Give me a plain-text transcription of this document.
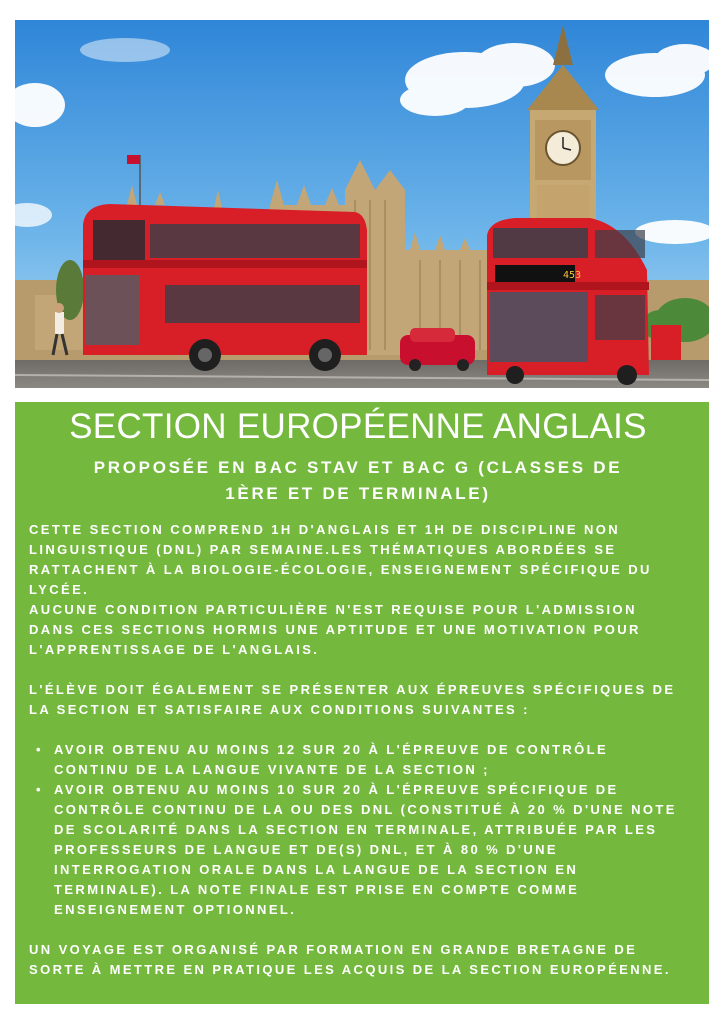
453
SECTION EUROPÉENNE ANGLAIS
PROPOSÉE EN BAC STAV ET BAC G (CLASSES DE 1ÈRE ET DE TERMINALE)

CETTE SECTION COMPREND 1H D'ANGLAIS ET 1H DE DISCIPLINE NON LINGUISTIQUE (DNL) PAR SEMAINE.LES THÉMATIQUES ABORDÉES SE RATTACHENT À LA BIOLOGIE-ÉCOLOGIE, ENSEIGNEMENT SPÉCIFIQUE DU LYCÉE.

AUCUNE CONDITION PARTICULIÈRE N'EST REQUISE POUR L'ADMISSION DANS CES SECTIONS HORMIS UNE APTITUDE ET UNE MOTIVATION POUR L'APPRENTISSAGE DE L'ANGLAIS.

L'ÉLÈVE DOIT ÉGALEMENT SE PRÉSENTER AUX ÉPREUVES SPÉCIFIQUES DE LA SECTION ET SATISFAIRE AUX CONDITIONS SUIVANTES :

• AVOIR OBTENU AU MOINS 12 SUR 20 À L'ÉPREUVE DE CONTRÔLE CONTINU DE LA LANGUE VIVANTE DE LA SECTION ;
• AVOIR OBTENU AU MOINS 10 SUR 20 À L'ÉPREUVE SPÉCIFIQUE DE CONTRÔLE CONTINU DE LA OU DES DNL (CONSTITUÉ À 20 % D'UNE NOTE DE SCOLARITÉ DANS LA SECTION EN TERMINALE, ATTRIBUÉE PAR LES PROFESSEURS DE LANGUE ET DE(S) DNL, ET À 80 % D'UNE INTERROGATION ORALE DANS LA LANGUE DE LA SECTION EN TERMINALE). LA NOTE FINALE EST PRISE EN COMPTE COMME ENSEIGNEMENT OPTIONNEL.

UN VOYAGE EST ORGANISÉ PAR FORMATION EN GRANDE BRETAGNE DE SORTE À METTRE EN PRATIQUE LES ACQUIS DE LA SECTION EUROPÉENNE.
